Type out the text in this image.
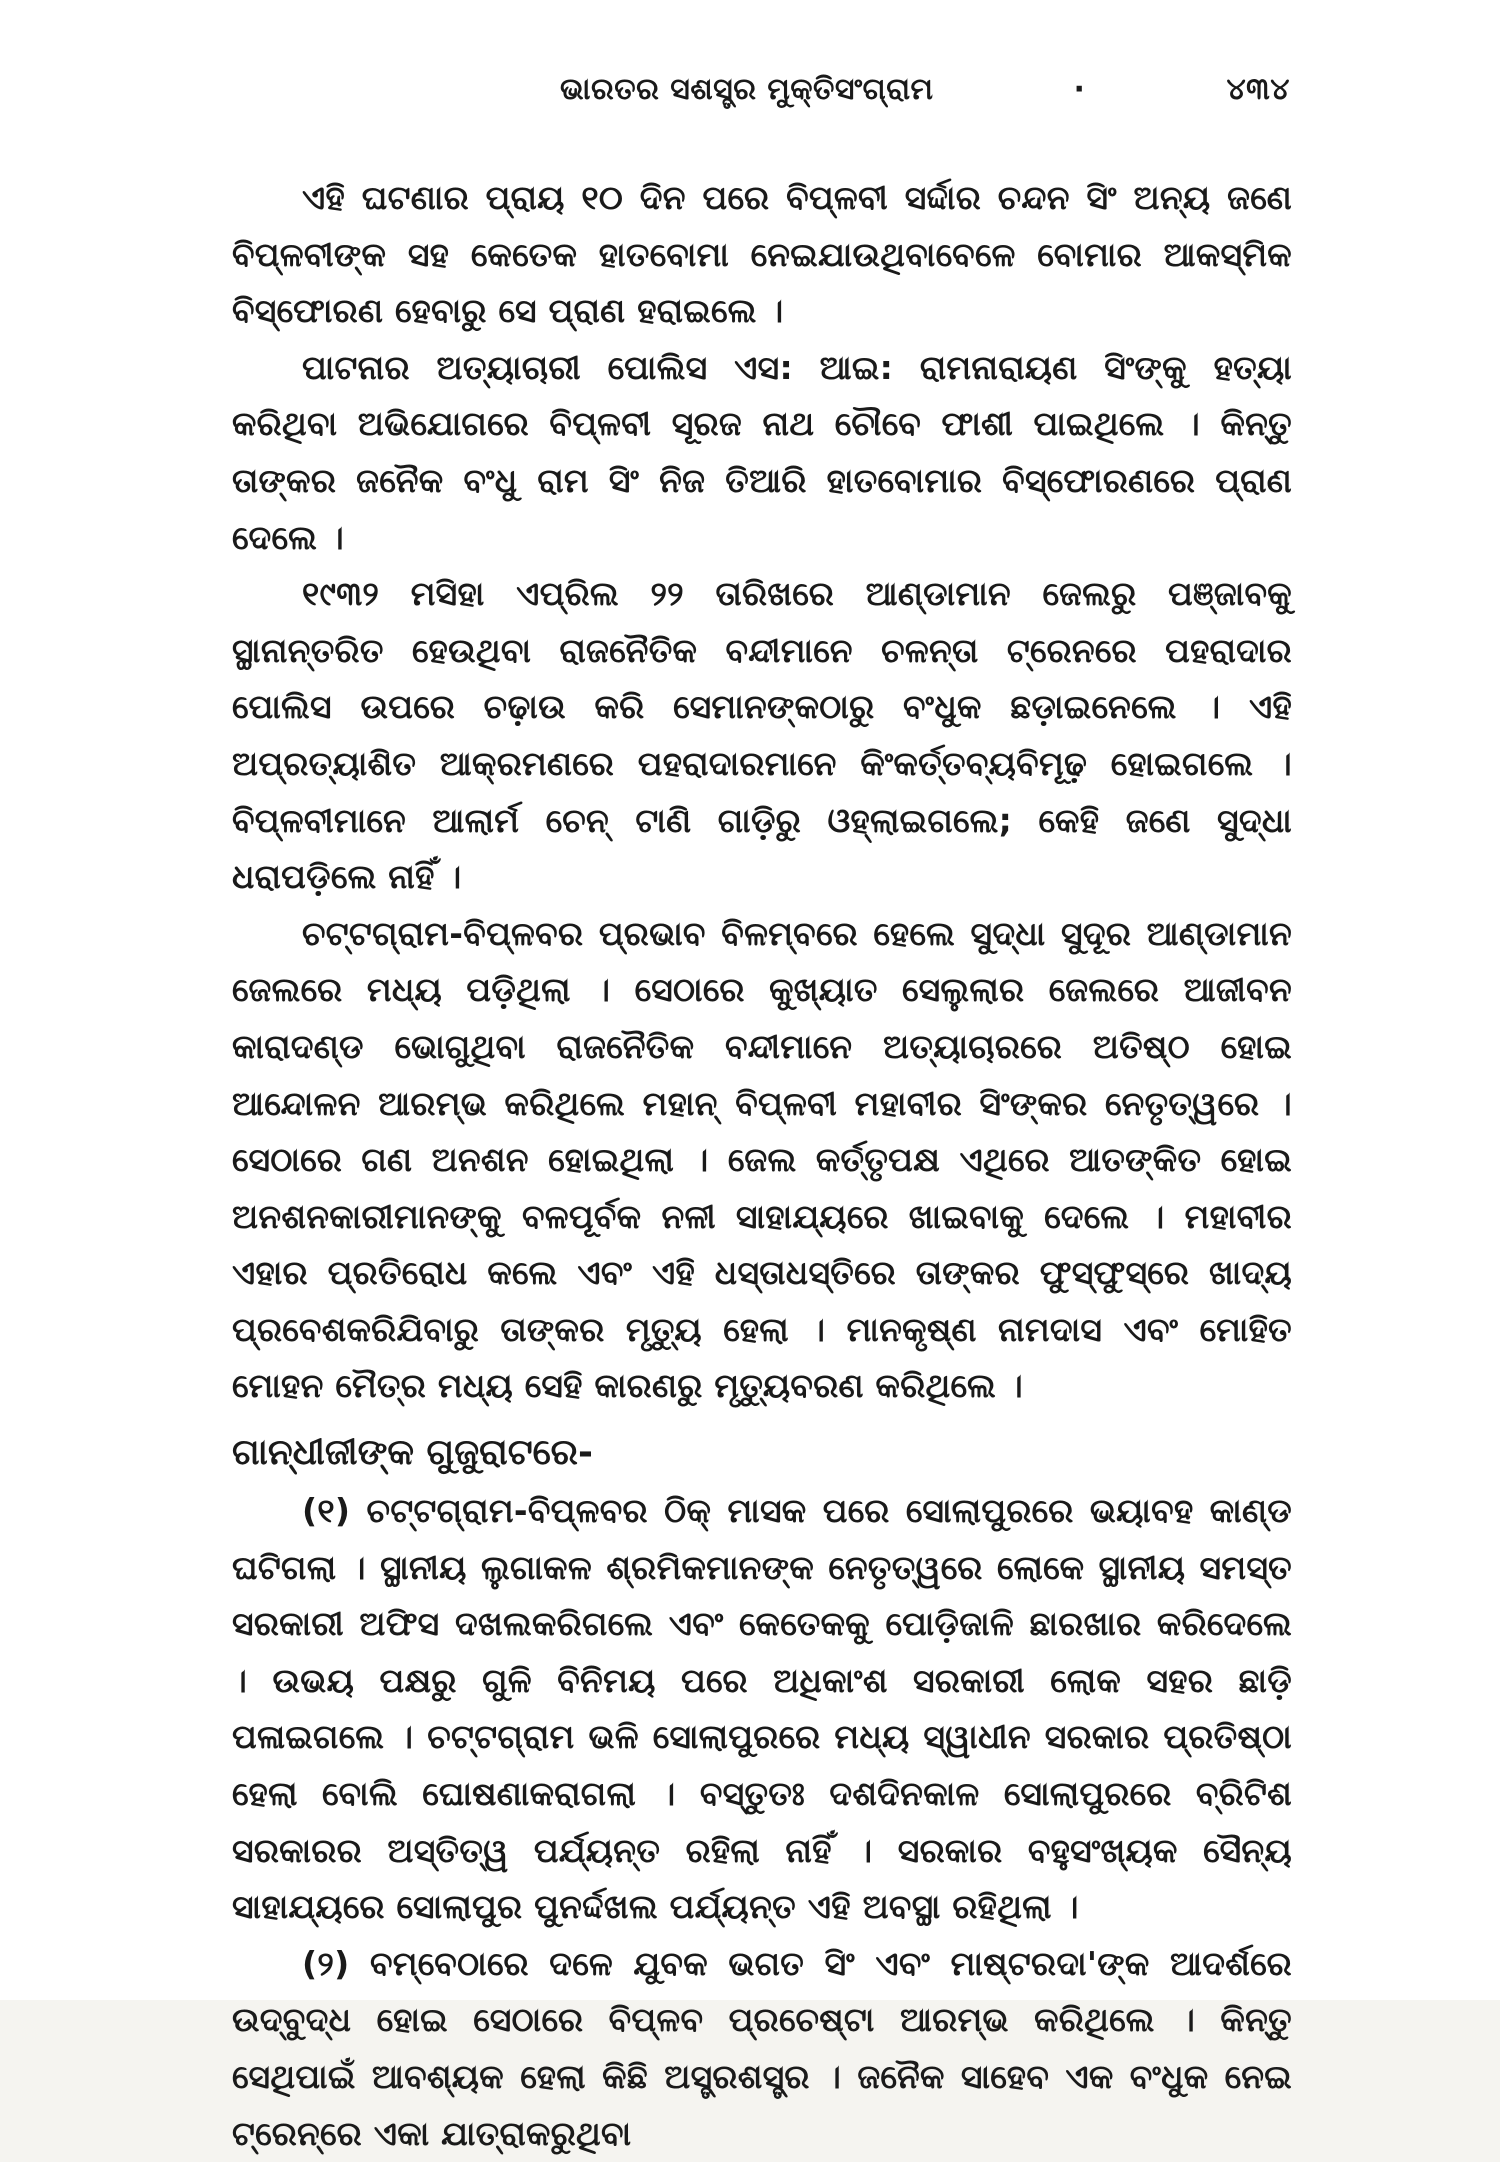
ଭାରତର ସଶସ୍ତ୍ର ମୁକ୍ତିସଂଗ୍ରାମ	·	୪୩୪

ଏହି ଘଟଣାର ପ୍ରାୟ ୧୦ ଦିନ ପରେ ବିପ୍ଳବୀ ସର୍ଦ୍ଦାର ଚନ୍ଦନ ସିଂ ଅନ୍ୟ ଜଣେ ବିପ୍ଳବୀଙ୍କ ସହ କେତେକ ହାତବୋମା ନେଇଯାଉଥିବାବେଳେ ବୋମାର ଆକସ୍ମିକ ବିସ୍ଫୋରଣ ହେବାରୁ ସେ ପ୍ରାଣ ହରାଇଲେ ।

ପାଟନାର ଅତ୍ୟାଚାରୀ ପୋଲିସ ଏସ: ଆଇ: ରାମନାରାୟଣ ସିଂଙ୍କୁ ହତ୍ୟା କରିଥିବା ଅଭିଯୋଗରେ ବିପ୍ଳବୀ ସୂରଜ ନାଥ ଚୌବେ ଫାଶୀ ପାଇଥିଲେ । କିନ୍ତୁ ତାଙ୍କର ଜନୈକ ବଂଧୁ ରାମ ସିଂ ନିଜ ତିଆରି ହାତବୋମାର ବିସ୍ଫୋରଣରେ ପ୍ରାଣ ଦେଲେ ।

୧୯୩୨ ମସିହା ଏପ୍ରିଲ ୨୨ ତାରିଖରେ ଆଣ୍ଡାମାନ ଜେଲରୁ ପଞ୍ଜାବକୁ ସ୍ଥାନାନ୍ତରିତ ହେଉଥିବା ରାଜନୈତିକ ବନ୍ଦୀମାନେ ଚଳନ୍ତା ଟ୍ରେନରେ ପହରାଦାର ପୋଲିସ ଉପରେ ଚଢ଼ାଉ କରି ସେମାନଙ୍କଠାରୁ ବଂଧୁକ ଛଡ଼ାଇନେଲେ । ଏହି ଅପ୍ରତ୍ୟାଶିତ ଆକ୍ରମଣରେ ପହରାଦାରମାନେ କିଂକର୍ତ୍ତବ୍ୟବିମୂଢ଼ ହୋଇଗଲେ । ବିପ୍ଳବୀମାନେ ଆଲାର୍ମ ଚେନ୍ ଟାଣି ଗାଡ଼ିରୁ ଓହ୍ଲାଇଗଲେ; କେହି ଜଣେ ସୁଦ୍ଧା ଧରାପଡ଼ିଲେ ନାହିଁ ।

ଚଟ୍ଟଗ୍ରାମ-ବିପ୍ଳବର ପ୍ରଭାବ ବିଳମ୍ବରେ ହେଲେ ସୁଦ୍ଧା ସୁଦୂର ଆଣ୍ଡାମାନ ଜେଲରେ ମଧ୍ୟ ପଡ଼ିଥିଲା । ସେଠାରେ କୁଖ୍ୟାତ ସେଲୁଲାର ଜେଲରେ ଆଜୀବନ କାରାଦଣ୍ଡ ଭୋଗୁଥିବା ରାଜନୈତିକ ବନ୍ଦୀମାନେ ଅତ୍ୟାଚାରରେ ଅତିଷ୍ଠ ହୋଇ ଆନ୍ଦୋଳନ ଆରମ୍ଭ କରିଥିଲେ ମହାନ୍ ବିପ୍ଳବୀ ମହାବୀର ସିଂଙ୍କର ନେତୃତ୍ୱରେ । ସେଠାରେ ଗଣ ଅନଶନ ହୋଇଥିଲା । ଜେଲ କର୍ତ୍ତୃପକ୍ଷ ଏଥିରେ ଆତଙ୍କିତ ହୋଇ ଅନଶନକାରୀମାନଙ୍କୁ ବଳପୂର୍ବକ ନଳୀ ସାହାଯ୍ୟରେ ଖାଇବାକୁ ଦେଲେ । ମହାବୀର ଏହାର ପ୍ରତିରୋଧ କଲେ ଏବଂ ଏହି ଧସ୍ତାଧସ୍ତିରେ ତାଙ୍କର ଫୁସ୍‌ଫୁସ୍‌ରେ ଖାଦ୍ୟ ପ୍ରବେଶକରିଯିବାରୁ ତାଙ୍କର ମୃତ୍ୟୁ ହେଲା । ମାନକୃଷ୍ଣ ନାମଦାସ ଏବଂ ମୋହିତ ମୋହନ ମୈତ୍ର ମଧ୍ୟ ସେହି କାରଣରୁ ମୃତ୍ୟୁବରଣ କରିଥିଲେ ।

ଗାନ୍ଧୀଜୀଙ୍କ ଗୁଜୁରାଟରେ-

(୧) ଚଟ୍ଟଗ୍ରାମ-ବିପ୍ଳବର ଠିକ୍ ମାସକ ପରେ ସୋଲାପୁରରେ ଭୟାବହ କାଣ୍ଡ ଘଟିଗଲା । ସ୍ଥାନୀୟ ଲୁଗାକଳ ଶ୍ରମିକମାନଙ୍କ ନେତୃତ୍ୱରେ ଲୋକେ ସ୍ଥାନୀୟ ସମସ୍ତ ସରକାରୀ ଅଫିସ ଦଖଲକରିଗଲେ ଏବଂ କେତେକକୁ ପୋଡ଼ିଜାଳି ଛାରଖାର କରିଦେଲେ । ଉଭୟ ପକ୍ଷରୁ ଗୁଳି ବିନିମୟ ପରେ ଅଧିକାଂଶ ସରକାରୀ ଲୋକ ସହର ଛାଡ଼ି ପଳାଇଗଲେ । ଚଟ୍ଟଗ୍ରାମ ଭଳି ସୋଲାପୁରରେ ମଧ୍ୟ ସ୍ୱାଧୀନ ସରକାର ପ୍ରତିଷ୍ଠା ହେଲା ବୋଲି ଘୋଷଣାକରାଗଲା । ବସ୍ତୁତଃ ଦଶଦିନକାଳ ସୋଲାପୁରରେ ବ୍ରିଟିଶ ସରକାରର ଅସ୍ତିତ୍ୱ ପର୍ଯ୍ୟନ୍ତ ରହିଲା ନାହିଁ । ସରକାର ବହୁସଂଖ୍ୟକ ସୈନ୍ୟ ସାହାଯ୍ୟରେ ସୋଲାପୁର ପୁନର୍ଦ୍ଦଖଲ ପର୍ଯ୍ୟନ୍ତ ଏହି ଅବସ୍ଥା ରହିଥିଲା ।

(୨) ବମ୍ବେଠାରେ ଦଳେ ଯୁବକ ଭଗତ ସିଂ ଏବଂ ମାଷ୍ଟରଦା'ଙ୍କ ଆଦର୍ଶରେ ଉଦ୍‌ବୁଦ୍ଧ ହୋଇ ସେଠାରେ ବିପ୍ଳବ ପ୍ରଚେଷ୍ଟା ଆରମ୍ଭ କରିଥିଲେ । କିନ୍ତୁ ସେଥିପାଇଁ ଆବଶ୍ୟକ ହେଲା କିଛି ଅସ୍ତ୍ରଶସ୍ତ୍ର । ଜନୈକ ସାହେବ ଏକ ବଂଧୁକ ନେଇ ଟ୍ରେନ୍‌ରେ ଏକା ଯାତ୍ରାକରୁଥିବା
